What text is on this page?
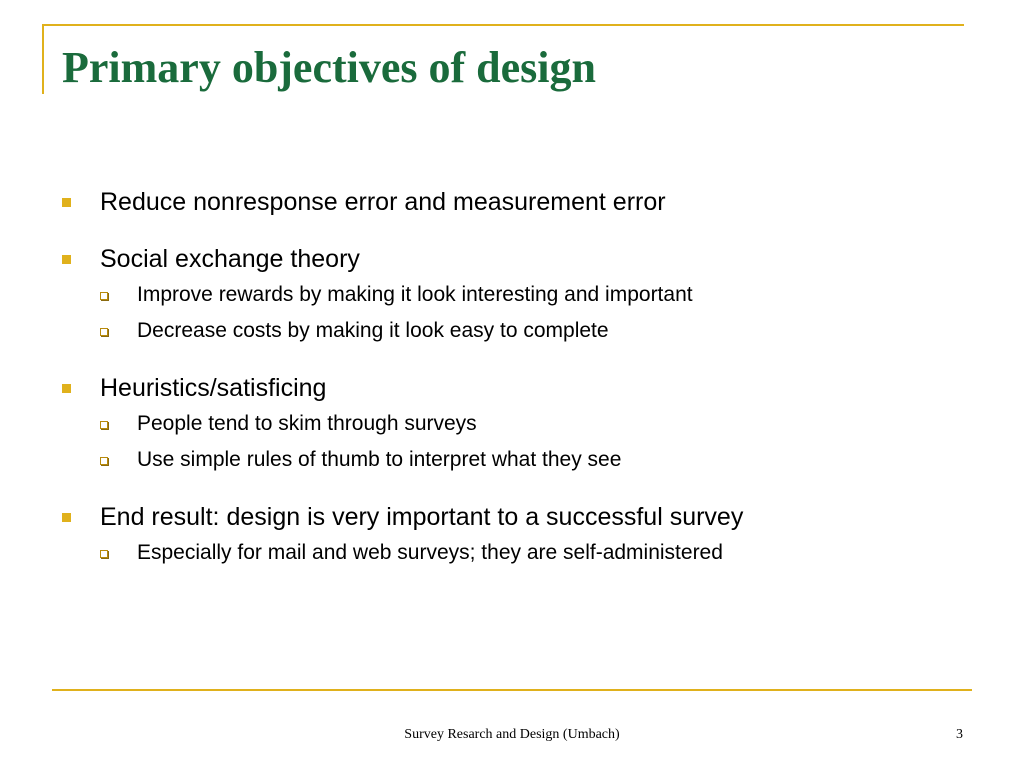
Primary objectives of design
Reduce nonresponse error and measurement error
Social exchange theory
Improve rewards by making it look interesting and important
Decrease costs by making it look easy to complete
Heuristics/satisficing
People tend to skim through surveys
Use simple rules of thumb to interpret what they see
End result: design is very important to a successful survey
Especially for mail and web surveys; they are self-administered
Survey Resarch and Design (Umbach)	3
